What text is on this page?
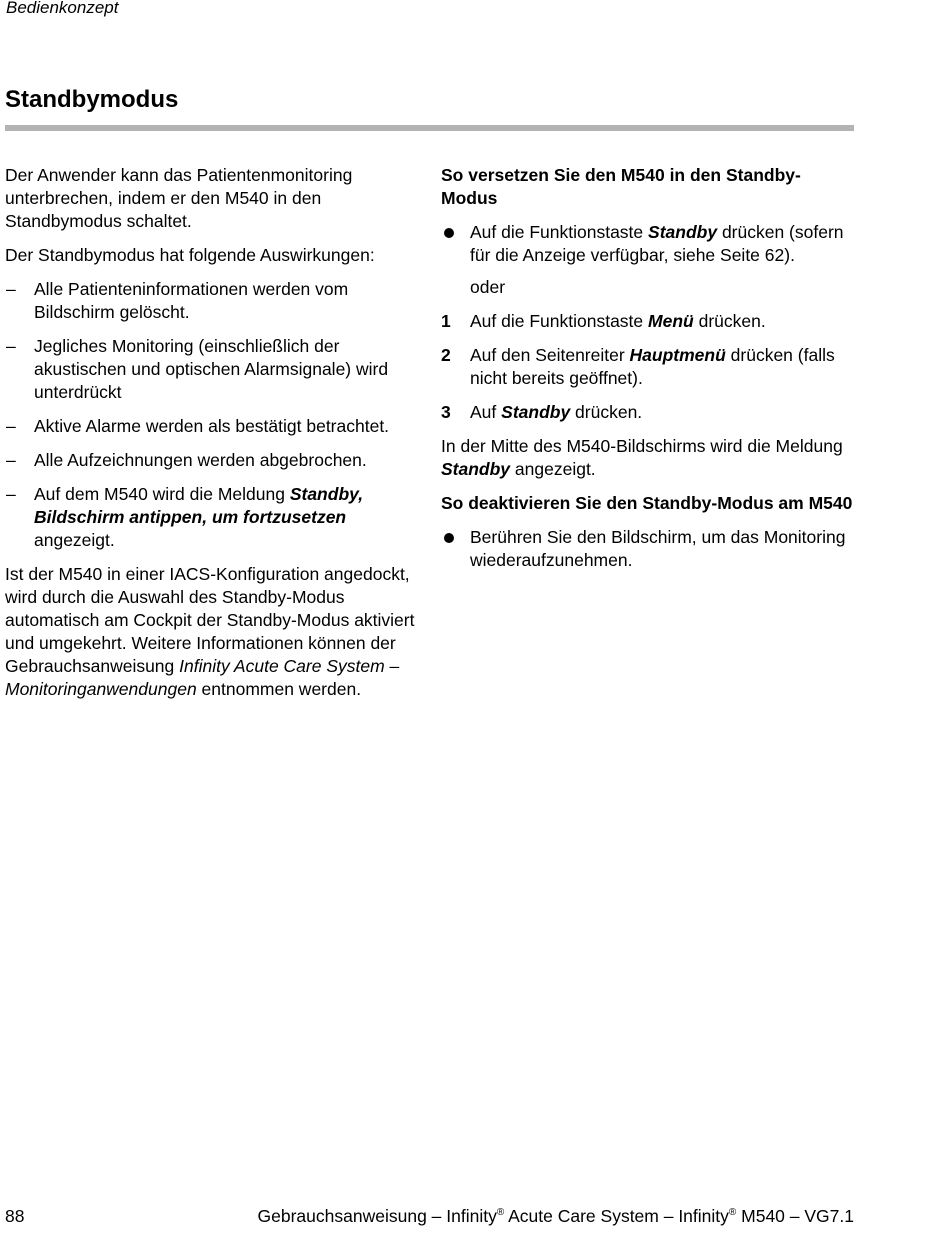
Bedienkonzept
Standbymodus

Der Anwender kann das Patientenmonitoring unterbrechen, indem er den M540 in den Standbymodus schaltet.

Der Standbymodus hat folgende Auswirkungen:

– Alle Patienteninformationen werden vom Bildschirm gelöscht.
– Jegliches Monitoring (einschließlich der akustischen und optischen Alarmsignale) wird unterdrückt
– Aktive Alarme werden als bestätigt betrachtet.
– Alle Aufzeichnungen werden abgebrochen.
– Auf dem M540 wird die Meldung Standby, Bildschirm antippen, um fortzusetzen angezeigt.

Ist der M540 in einer IACS-Konfiguration angedockt, wird durch die Auswahl des Standby-Modus automatisch am Cockpit der Standby-Modus aktiviert und umgekehrt. Weitere Informationen können der Gebrauchsanweisung Infinity Acute Care System – Monitoringanwendungen entnommen werden.

So versetzen Sie den M540 in den Standby-Modus

Auf die Funktionstaste Standby drücken (sofern für die Anzeige verfügbar, siehe Seite 62).

oder

1 Auf die Funktionstaste Menü drücken.
2 Auf den Seitenreiter Hauptmenü drücken (falls nicht bereits geöffnet).
3 Auf Standby drücken.

In der Mitte des M540-Bildschirms wird die Meldung Standby angezeigt.

So deaktivieren Sie den Standby-Modus am M540

Berühren Sie den Bildschirm, um das Monitoring wiederaufzunehmen.
88	Gebrauchsanweisung – Infinity® Acute Care System – Infinity® M540 – VG7.1
